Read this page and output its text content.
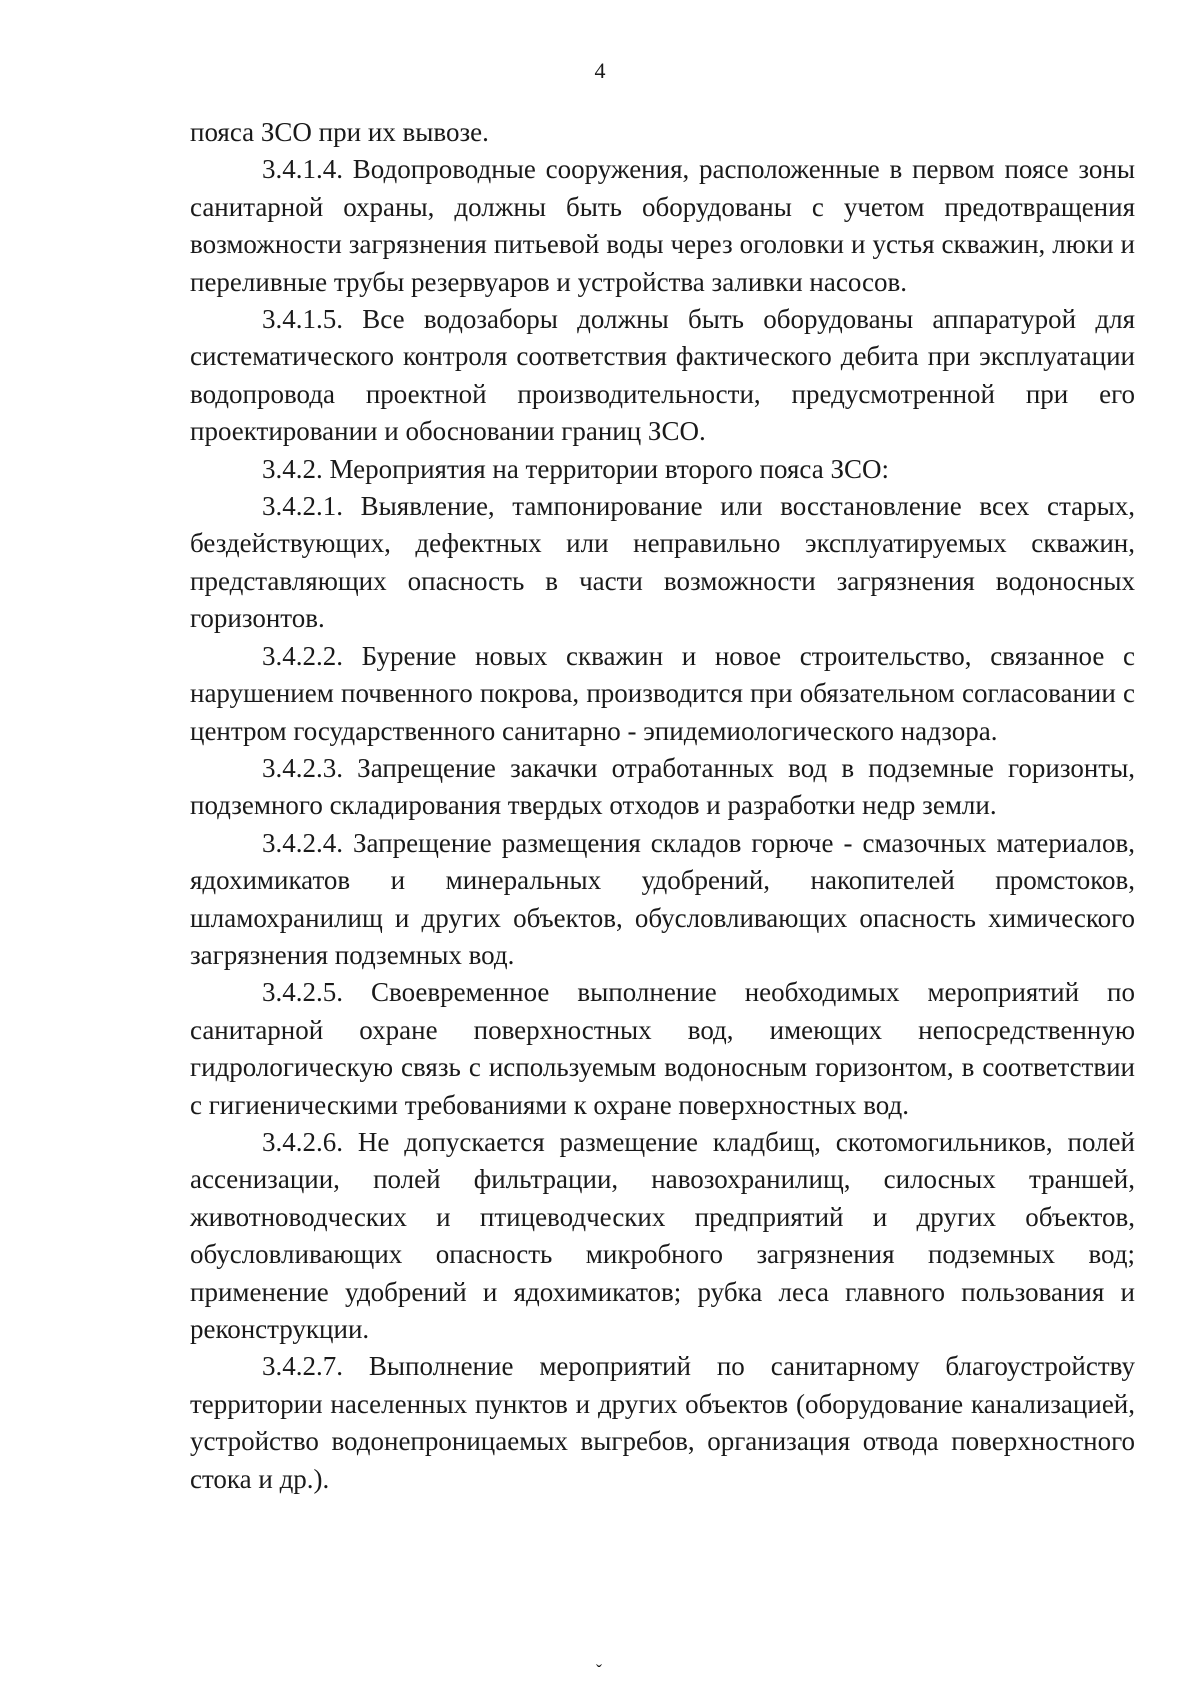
4

пояса ЗСО при их вывозе.

3.4.1.4. Водопроводные сооружения, расположенные в первом поясе зоны санитарной охраны, должны быть оборудованы с учетом предотвращения возможности загрязнения питьевой воды через оголовки и устья скважин, люки и переливные трубы резервуаров и устройства заливки насосов.

3.4.1.5. Все водозаборы должны быть оборудованы аппаратурой для систематического контроля соответствия фактического дебита при эксплуатации водопровода проектной производительности, предусмотренной при его проектировании и обосновании границ ЗСО.

3.4.2. Мероприятия на территории второго пояса ЗСО:

3.4.2.1. Выявление, тампонирование или восстановление всех старых, бездействующих, дефектных или неправильно эксплуатируемых скважин, представляющих опасность в части возможности загрязнения водоносных горизонтов.

3.4.2.2. Бурение новых скважин и новое строительство, связанное с нарушением почвенного покрова, производится при обязательном согласовании с центром государственного санитарно - эпидемиологического надзора.

3.4.2.3. Запрещение закачки отработанных вод в подземные горизонты, подземного складирования твердых отходов и разработки недр земли.

3.4.2.4. Запрещение размещения складов горюче - смазочных материалов, ядохимикатов и минеральных удобрений, накопителей промстоков, шламохранилищ и других объектов, обусловливающих опасность химического загрязнения подземных вод.

3.4.2.5. Своевременное выполнение необходимых мероприятий по санитарной охране поверхностных вод, имеющих непосредственную гидрологическую связь с используемым водоносным горизонтом, в соответствии с гигиеническими требованиями к охране поверхностных вод.

3.4.2.6. Не допускается размещение кладбищ, скотомогильников, полей ассенизации, полей фильтрации, навозохранилищ, силосных траншей, животноводческих и птицеводческих предприятий и других объектов, обусловливающих опасность микробного загрязнения подземных вод; применение удобрений и ядохимикатов; рубка леса главного пользования и реконструкции.

3.4.2.7. Выполнение мероприятий по санитарному благоустройству территории населенных пунктов и других объектов (оборудование канализацией, устройство водонепроницаемых выгребов, организация отвода поверхностного стока и др.).

ˇ
